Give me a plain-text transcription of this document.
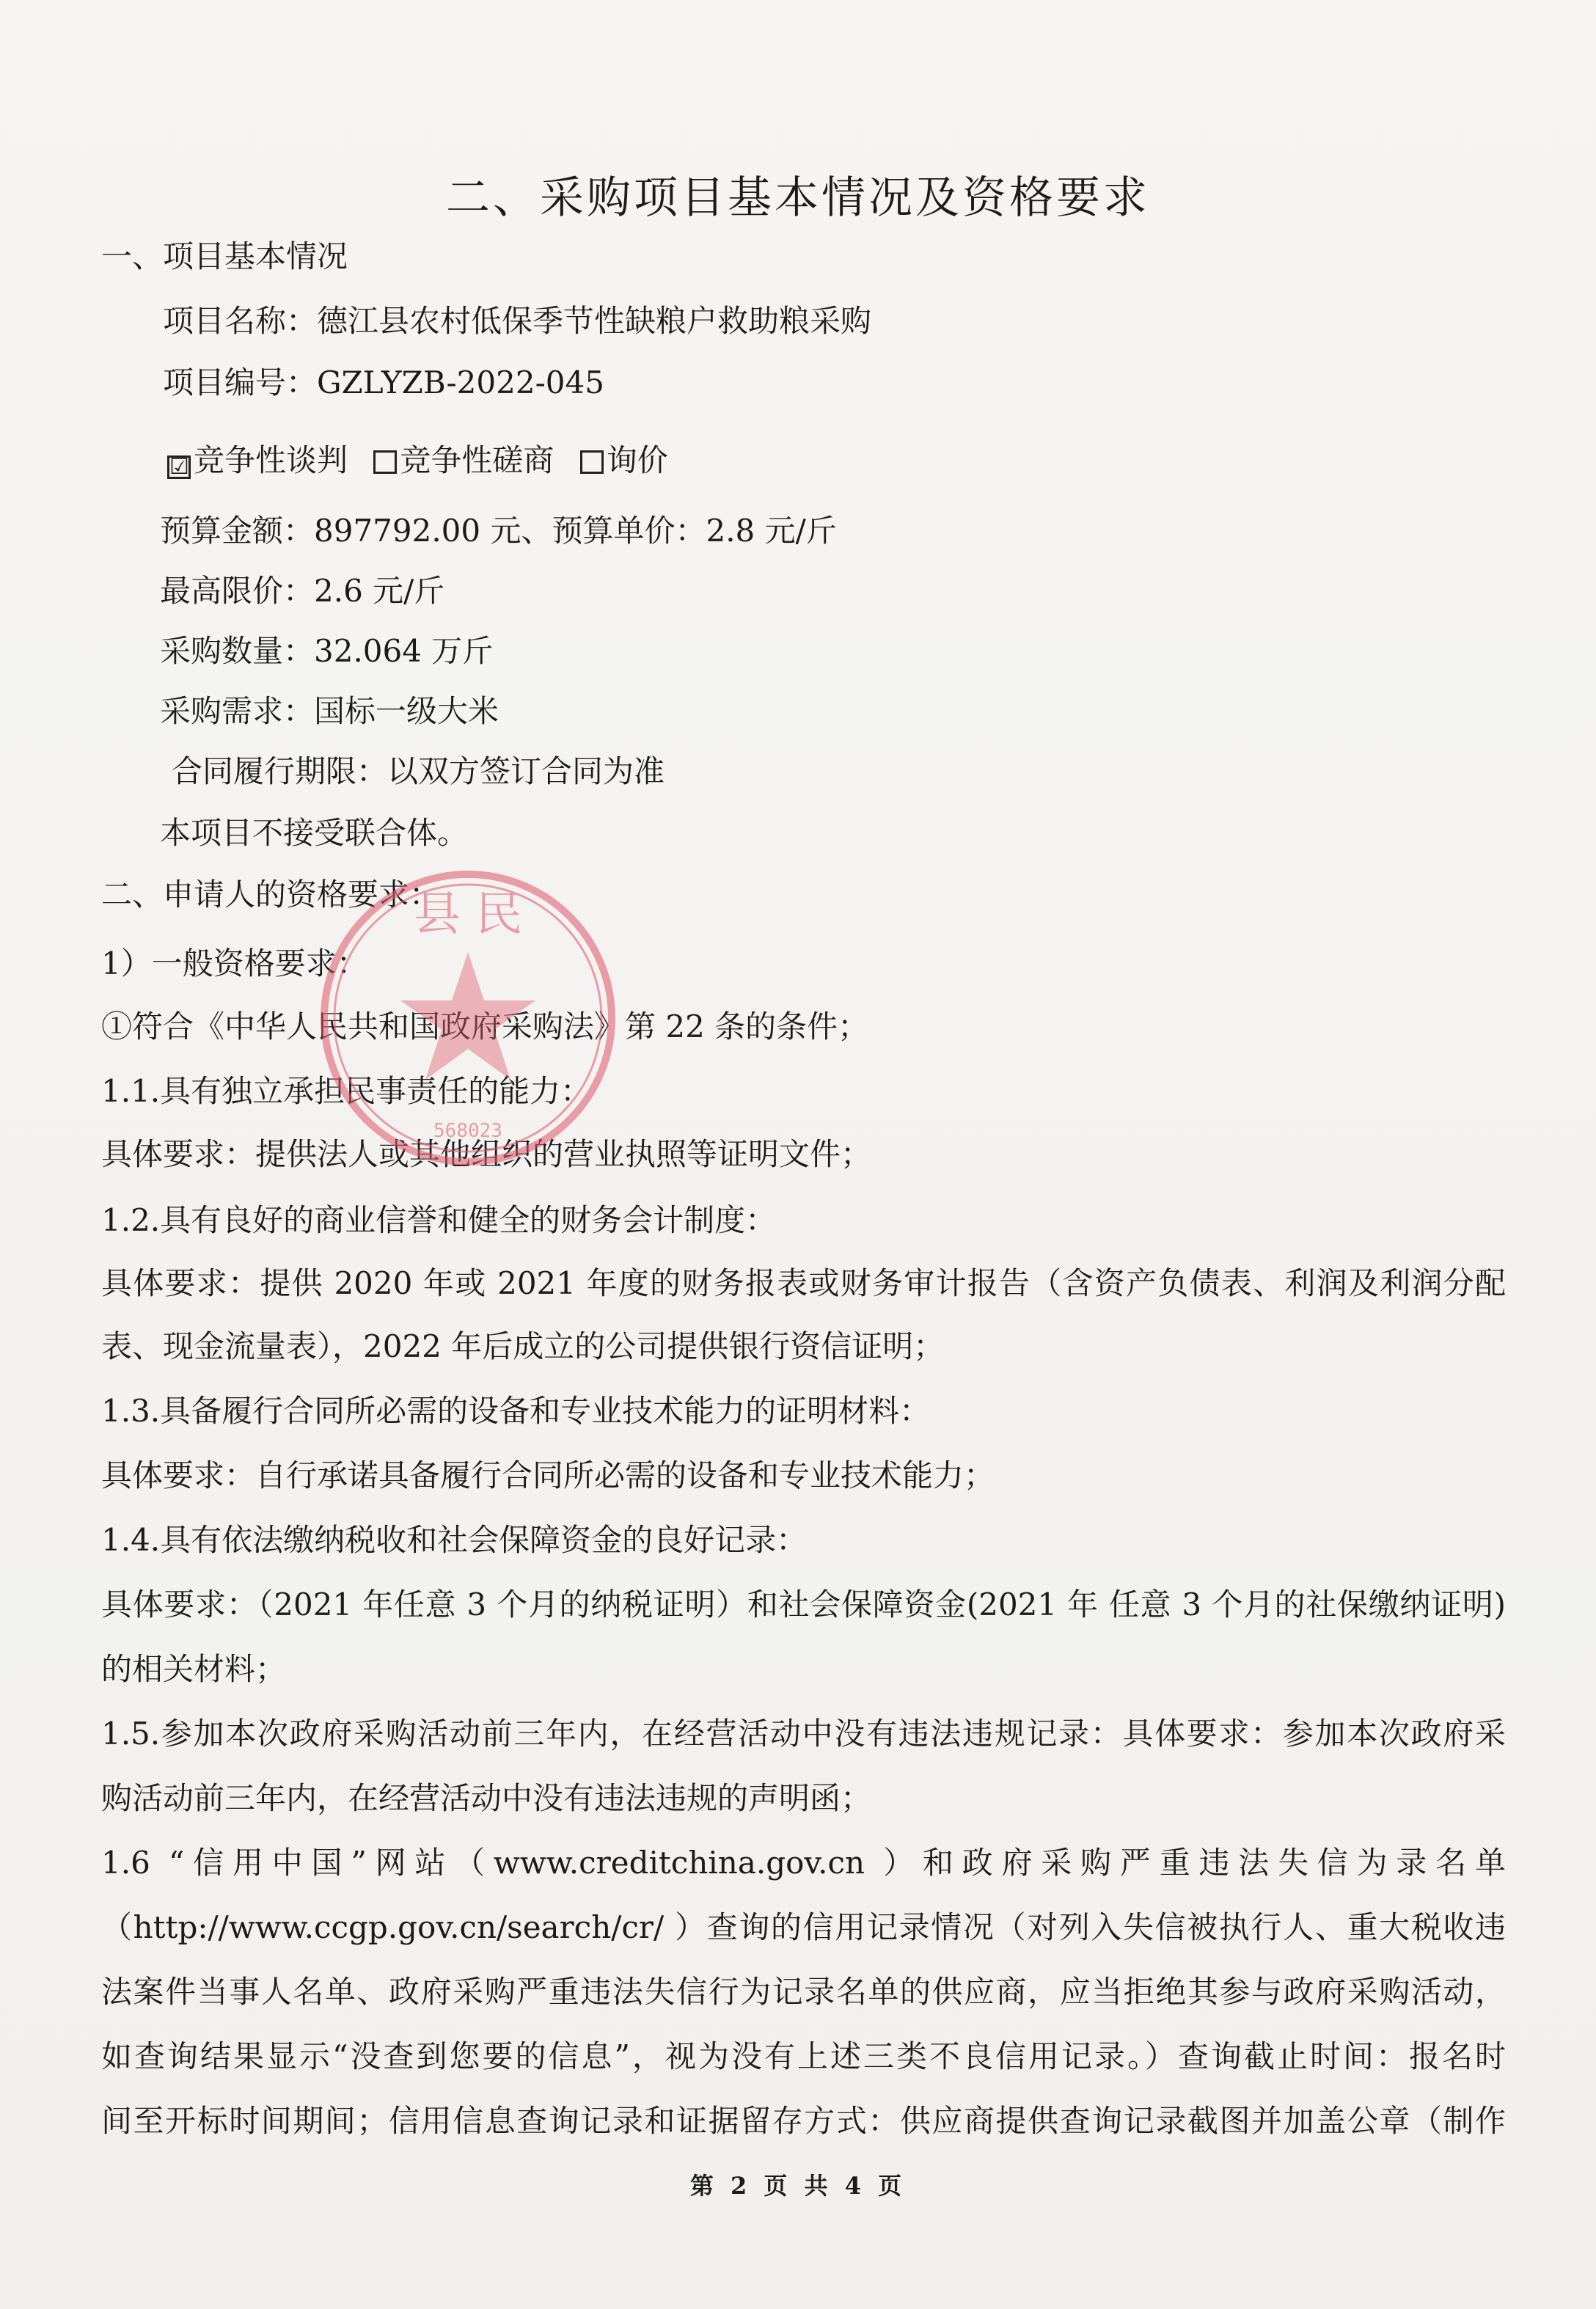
二、采购项目基本情况及资格要求
一、项目基本情况
项目名称：德江县农村低保季节性缺粮户救助粮采购
项目编号：GZLYZB-2022-045
☑ 竞争性谈判 竞争性磋商 询价
预算金额：897792.00 元、预算单价：2.8 元/斤
最高限价：2.6 元/斤
采购数量：32.064 万斤
采购需求：国标一级大米
合同履行期限：以双方签订合同为准
本项目不接受联合体。
二、申请人的资格要求：
1）一般资格要求：
①符合《中华人民共和国政府采购法》第 22 条的条件；
1.1.具有独立承担民事责任的能力：
具体要求：提供法人或其他组织的营业执照等证明文件；
1.2.具有良好的商业信誉和健全的财务会计制度：
具体要求：提供 2020 年或 2021 年度的财务报表或财务审计报告（含资产负债表、利润及利润分配
表、现金流量表），2022 年后成立的公司提供银行资信证明；
1.3.具备履行合同所必需的设备和专业技术能力的证明材料：
具体要求：自行承诺具备履行合同所必需的设备和专业技术能力；
1.4.具有依法缴纳税收和社会保障资金的良好记录：
具体要求：（2021 年任意 3 个月的纳税证明）和社会保障资金(2021 年 任意 3 个月的社保缴纳证明)
的相关材料；
1.5.参加本次政府采购活动前三年内，在经营活动中没有违法违规记录：具体要求：参加本次政府采
购活动前三年内，在经营活动中没有违法违规的声明函；
1.6 “信用中国”网站（www.creditchina.gov.cn ）和政府采购严重违法失信为录名单
（http://www.ccgp.gov.cn/search/cr/ ）查询的信用记录情况（对列入失信被执行人、重大税收违
法案件当事人名单、政府采购严重违法失信行为记录名单的供应商，应当拒绝其参与政府采购活动，
如查询结果显示“没查到您要的信息”，视为没有上述三类不良信用记录。）查询截止时间：报名时
间至开标时间期间；信用信息查询记录和证据留存方式：供应商提供查询记录截图并加盖公章（制作
第 2 页 共 4 页
县 民
568023
